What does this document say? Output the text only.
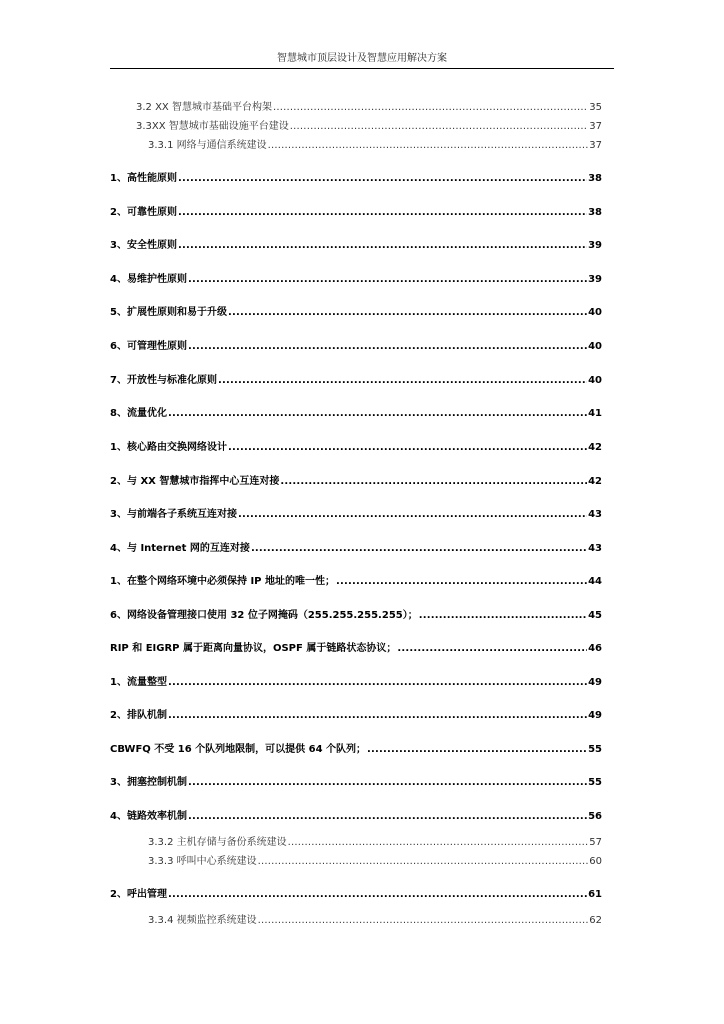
智慧城市顶层设计及智慧应用解决方案
3.2 XX 智慧城市基础平台构架 .....	35
3.3XX 智慧城市基础设施平台建设 .....	37
3.3.1 网络与通信系统建设 .....	37
1、高性能原则 .....	38
2、可靠性原则 .....	38
3、安全性原则 .....	39
4、易维护性原则 .....	39
5、扩展性原则和易于升级 .....	40
6、可管理性原则 .....	40
7、开放性与标准化原则 .....	40
8、流量优化 .....	41
1、核心路由交换网络设计 .....	42
2、与 XX 智慧城市指挥中心互连对接 .....	42
3、与前端各子系统互连对接 .....	43
4、与 Internet 网的互连对接 .....	43
1、在整个网络环境中必须保持 IP 地址的唯一性； .....	44
6、网络设备管理接口使用 32 位子网掩码（255.255.255.255）； .....	45
RIP 和 EIGRP 属于距离向量协议，OSPF 属于链路状态协议； .....	46
1、流量整型 .....	49
2、排队机制 .....	49
CBWFQ 不受 16 个队列地限制，可以提供 64 个队列； .....	55
3、拥塞控制机制 .....	55
4、链路效率机制 .....	56
3.3.2 主机存储与备份系统建设 .....	57
3.3.3 呼叫中心系统建设 .....	60
2、呼出管理 .....	61
3.3.4 视频监控系统建设 .....	62
